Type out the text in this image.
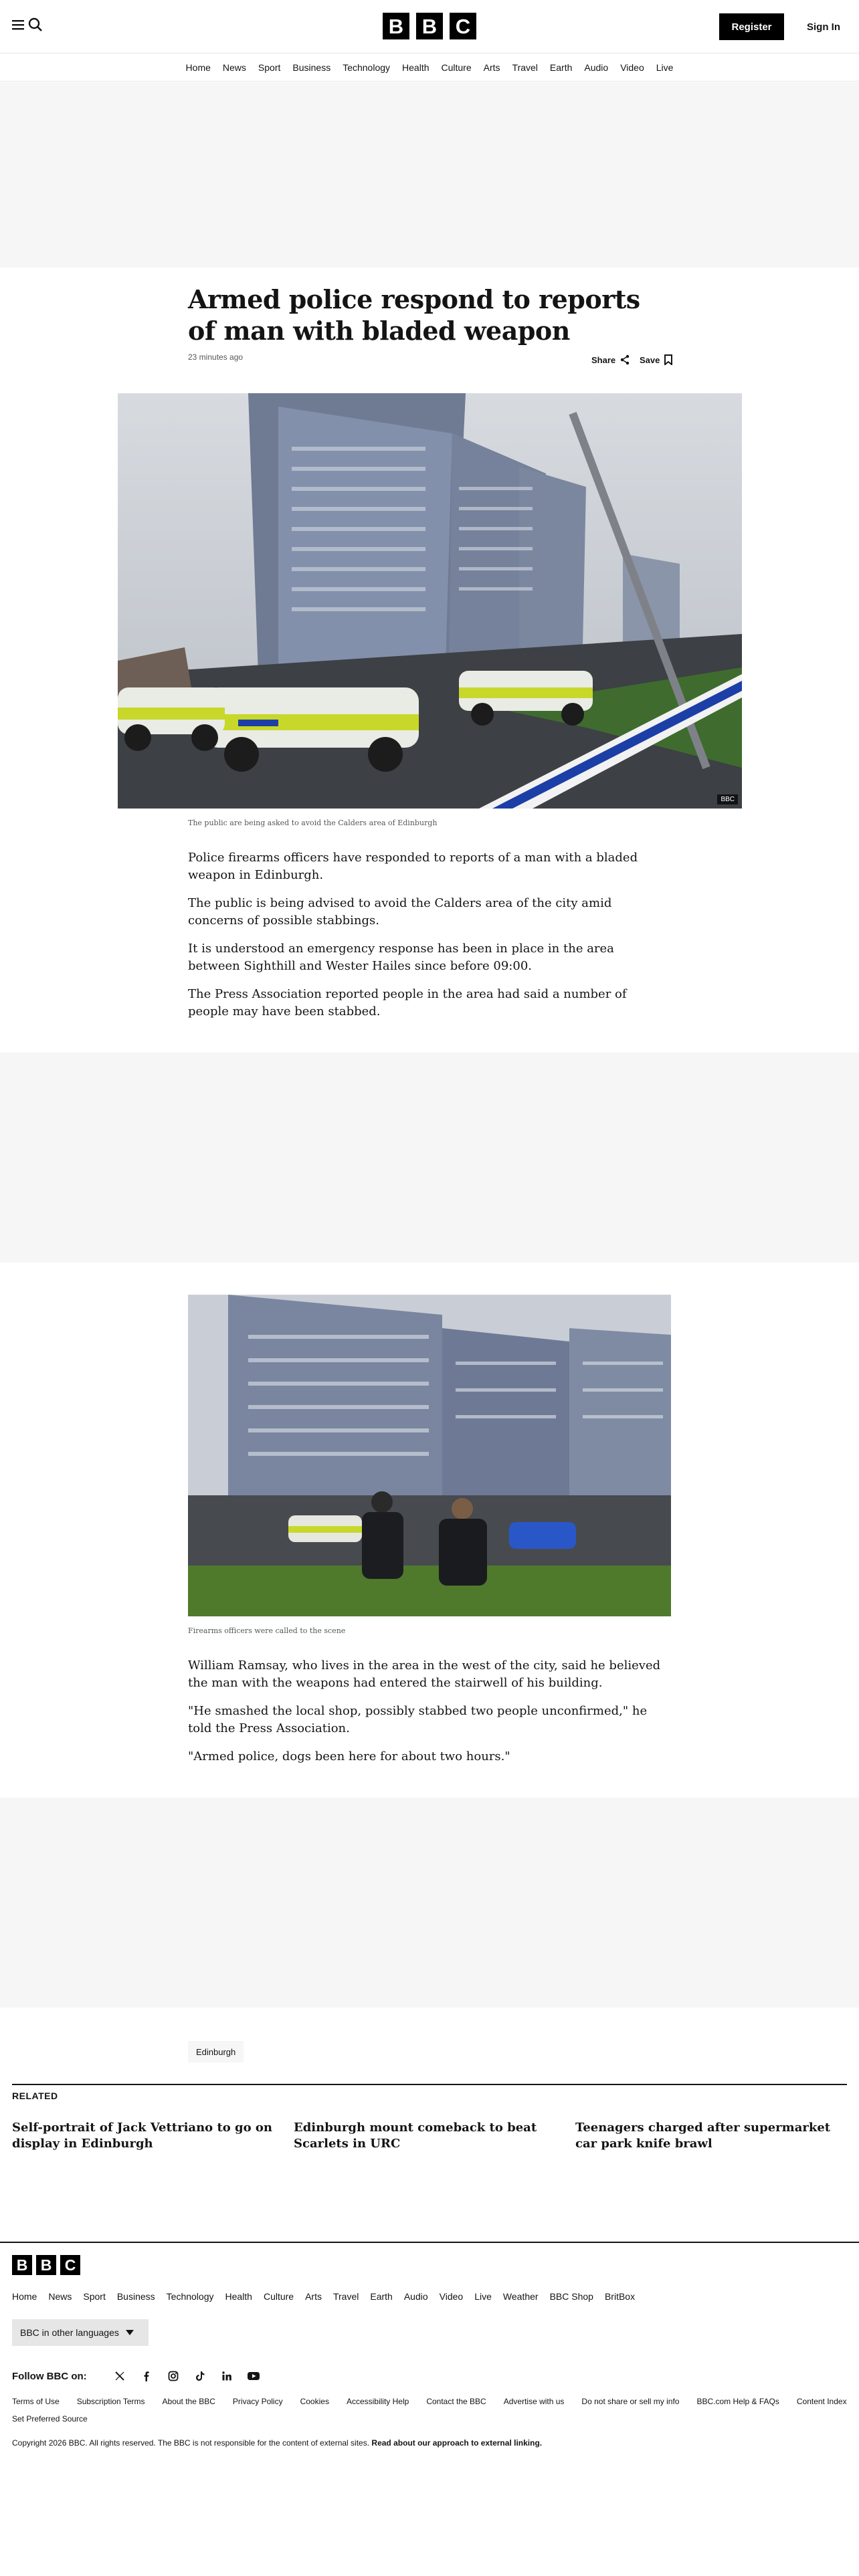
B B C	Register	Sign In
Home News Sport Business Technology Health Culture Arts Travel Earth Audio Video Live
Armed police respond to reports of man with bladed weapon
23 minutes ago	Share	Save
BBC
The public are being asked to avoid the Calders area of Edinburgh

Police firearms officers have responded to reports of a man with a bladed weapon in Edinburgh.

The public is being advised to avoid the Calders area of the city amid concerns of possible stabbings.

It is understood an emergency response has been in place in the area between Sighthill and Wester Hailes since before 09:00.

The Press Association reported people in the area had said a number of people may have been stabbed.

Firearms officers were called to the scene

William Ramsay, who lives in the area in the west of the city, said he believed the man with the weapons had entered the stairwell of his building.

"He smashed the local shop, possibly stabbed two people unconfirmed," he told the Press Association.

"Armed police, dogs been here for about two hours."

Edinburgh
RELATED
Self-portrait of Jack Vettriano to go on display in Edinburgh
Edinburgh mount comeback to beat Scarlets in URC
Teenagers charged after supermarket car park knife brawl
B B C
Home News Sport Business Technology Health Culture Arts Travel Earth Audio Video Live Weather BBC Shop BritBox
BBC in other languages
Follow BBC on:
Terms of Use Subscription Terms About the BBC Privacy Policy Cookies Accessibility Help Contact the BBC Advertise with us Do not share or sell my info BBC.com Help & FAQs Content Index
Set Preferred Source
Copyright 2026 BBC. All rights reserved. The BBC is not responsible for the content of external sites. Read about our approach to external linking.
